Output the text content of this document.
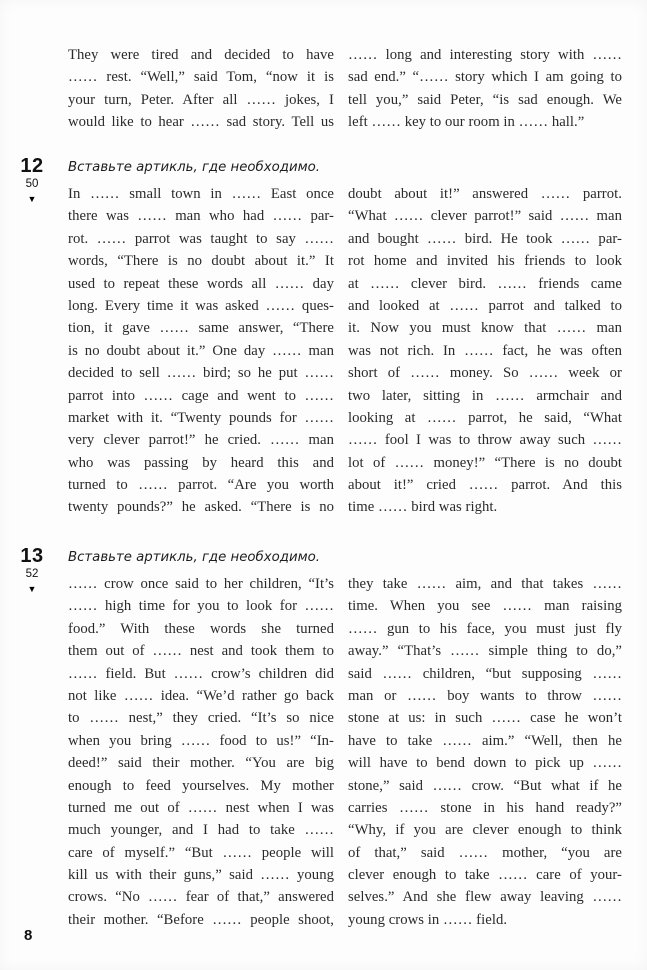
They were tired and decided to have
…… rest. “Well,” said Tom, “now it is
your turn, Peter. After all …… jokes, I
would like to hear …… sad story. Tell us
…… long and interesting story with ……
sad end.” “…… story which I am going to
tell you,” said Peter, “is sad enough. We
left …… key to our room in …… hall.”
12
50
▼
Вставьте артикль, где необходимо.
In …… small town in …… East once
there was …… man who had …… par-
rot. …… parrot was taught to say ……
words, “There is no doubt about it.” It
used to repeat these words all …… day
long. Every time it was asked …… ques-
tion, it gave …… same answer, “There
is no doubt about it.” One day …… man
decided to sell …… bird; so he put ……
parrot into …… cage and went to ……
market with it. “Twenty pounds for ……
very clever parrot!” he cried. …… man
who was passing by heard this and
turned to …… parrot. “Are you worth
twenty pounds?” he asked. “There is no
doubt about it!” answered …… parrot.
“What …… clever parrot!” said …… man
and bought …… bird. He took …… par-
rot home and invited his friends to look
at …… clever bird. …… friends came
and looked at …… parrot and talked to
it. Now you must know that …… man
was not rich. In …… fact, he was often
short of …… money. So …… week or
two later, sitting in …… armchair and
looking at …… parrot, he said, “What
…… fool I was to throw away such ……
lot of …… money!” “There is no doubt
about it!” cried …… parrot. And this
time …… bird was right.
13
52
▼
Вставьте артикль, где необходимо.
…… crow once said to her children, “It’s
…… high time for you to look for ……
food.” With these words she turned
them out of …… nest and took them to
…… field. But …… crow’s children did
not like …… idea. “We’d rather go back
to …… nest,” they cried. “It’s so nice
when you bring …… food to us!” “In-
deed!” said their mother. “You are big
enough to feed yourselves. My mother
turned me out of …… nest when I was
much younger, and I had to take ……
care of myself.” “But …… people will
kill us with their guns,” said …… young
crows. “No …… fear of that,” answered
their mother. “Before …… people shoot,
they take …… aim, and that takes ……
time. When you see …… man raising
…… gun to his face, you must just fly
away.” “That’s …… simple thing to do,”
said …… children, “but supposing ……
man or …… boy wants to throw ……
stone at us: in such …… case he won’t
have to take …… aim.” “Well, then he
will have to bend down to pick up ……
stone,” said …… crow. “But what if he
carries …… stone in his hand ready?”
“Why, if you are clever enough to think
of that,” said …… mother, “you are
clever enough to take …… care of your-
selves.” And she flew away leaving ……
young crows in …… field.
8
